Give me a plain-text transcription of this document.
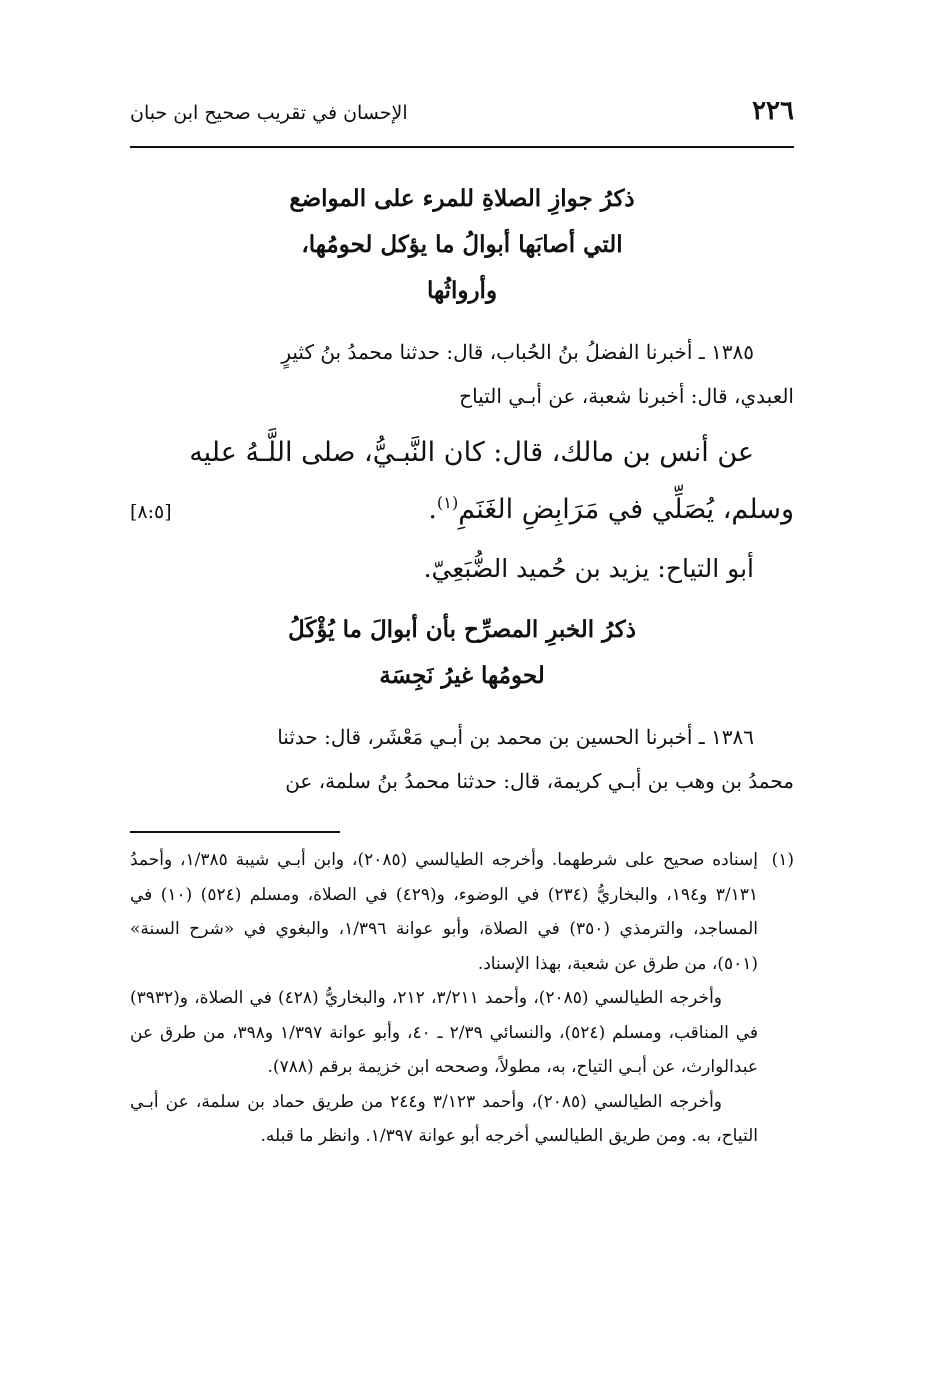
٢٢٦
الإحسان في تقريب صحيح ابن حبان
ذكرُ جوازِ الصلاةِ للمرء على المواضع
التي أصابَها أبوالُ ما يؤكل لحومُها،
وأرواثُها
١٣٨٥ ـ أخبرنا الفضلُ بنُ الحُباب، قال: حدثنا محمدُ بنُ كثيرٍ
العبدي، قال: أخبرنا شعبة، عن أبـي التياح
عن أنس بن مالك، قال: كان النَّبـيُّ، صلى اللَّـهُ عليه
وسلم، يُصَلِّي في مَرَابِضِ الغَنَمِ$^{(١)}$.
[٨:٥]
أبو التياح: يزيد بن حُميد الضُّبَعِيّ.
ذكرُ الخبرِ المصرِّح بأن أبوالَ ما يُؤْكَلُ
لحومُها غيرُ نَجِسَة
١٣٨٦ ـ أخبرنا الحسين بن محمد بن أبـي مَعْشَر، قال: حدثنا
محمدُ بن وهب بن أبـي كريمة، قال: حدثنا محمدُ بنُ سلمة، عن
(١)
إسناده صحيح على شرطهما. وأخرجه الطيالسي (٢٠٨٥)، وابن أبـي شيبة ١/٣٨٥، وأحمدُ ٣/١٣١ و١٩٤، والبخاريُّ (٢٣٤) في الوضوء، و(٤٢٩) في الصلاة، ومسلم (٥٢٤) (١٠) في المساجد، والترمذي (٣٥٠) في الصلاة، وأبو عوانة ١/٣٩٦، والبغوي في «شرح السنة» (٥٠١)، من طرق عن شعبة، بهذا الإسناد.
وأخرجه الطيالسي (٢٠٨٥)، وأحمد ٣/٢١١، ٢١٢، والبخاريُّ (٤٢٨) في الصلاة، و(٣٩٣٢) في المناقب، ومسلم (٥٢٤)، والنسائي ٢/٣٩ ـ ٤٠، وأبو عوانة ١/٣٩٧ و٣٩٨، من طرق عن عبدالوارث، عن أبـي التياح، به، مطولاً، وصححه ابن خزيمة برقم (٧٨٨).
وأخرجه الطيالسي (٢٠٨٥)، وأحمد ٣/١٢٣ و٢٤٤ من طريق حماد بن سلمة، عن أبـي التياح، به. ومن طريق الطيالسي أخرجه أبو عوانة ١/٣٩٧. وانظر ما قبله.
